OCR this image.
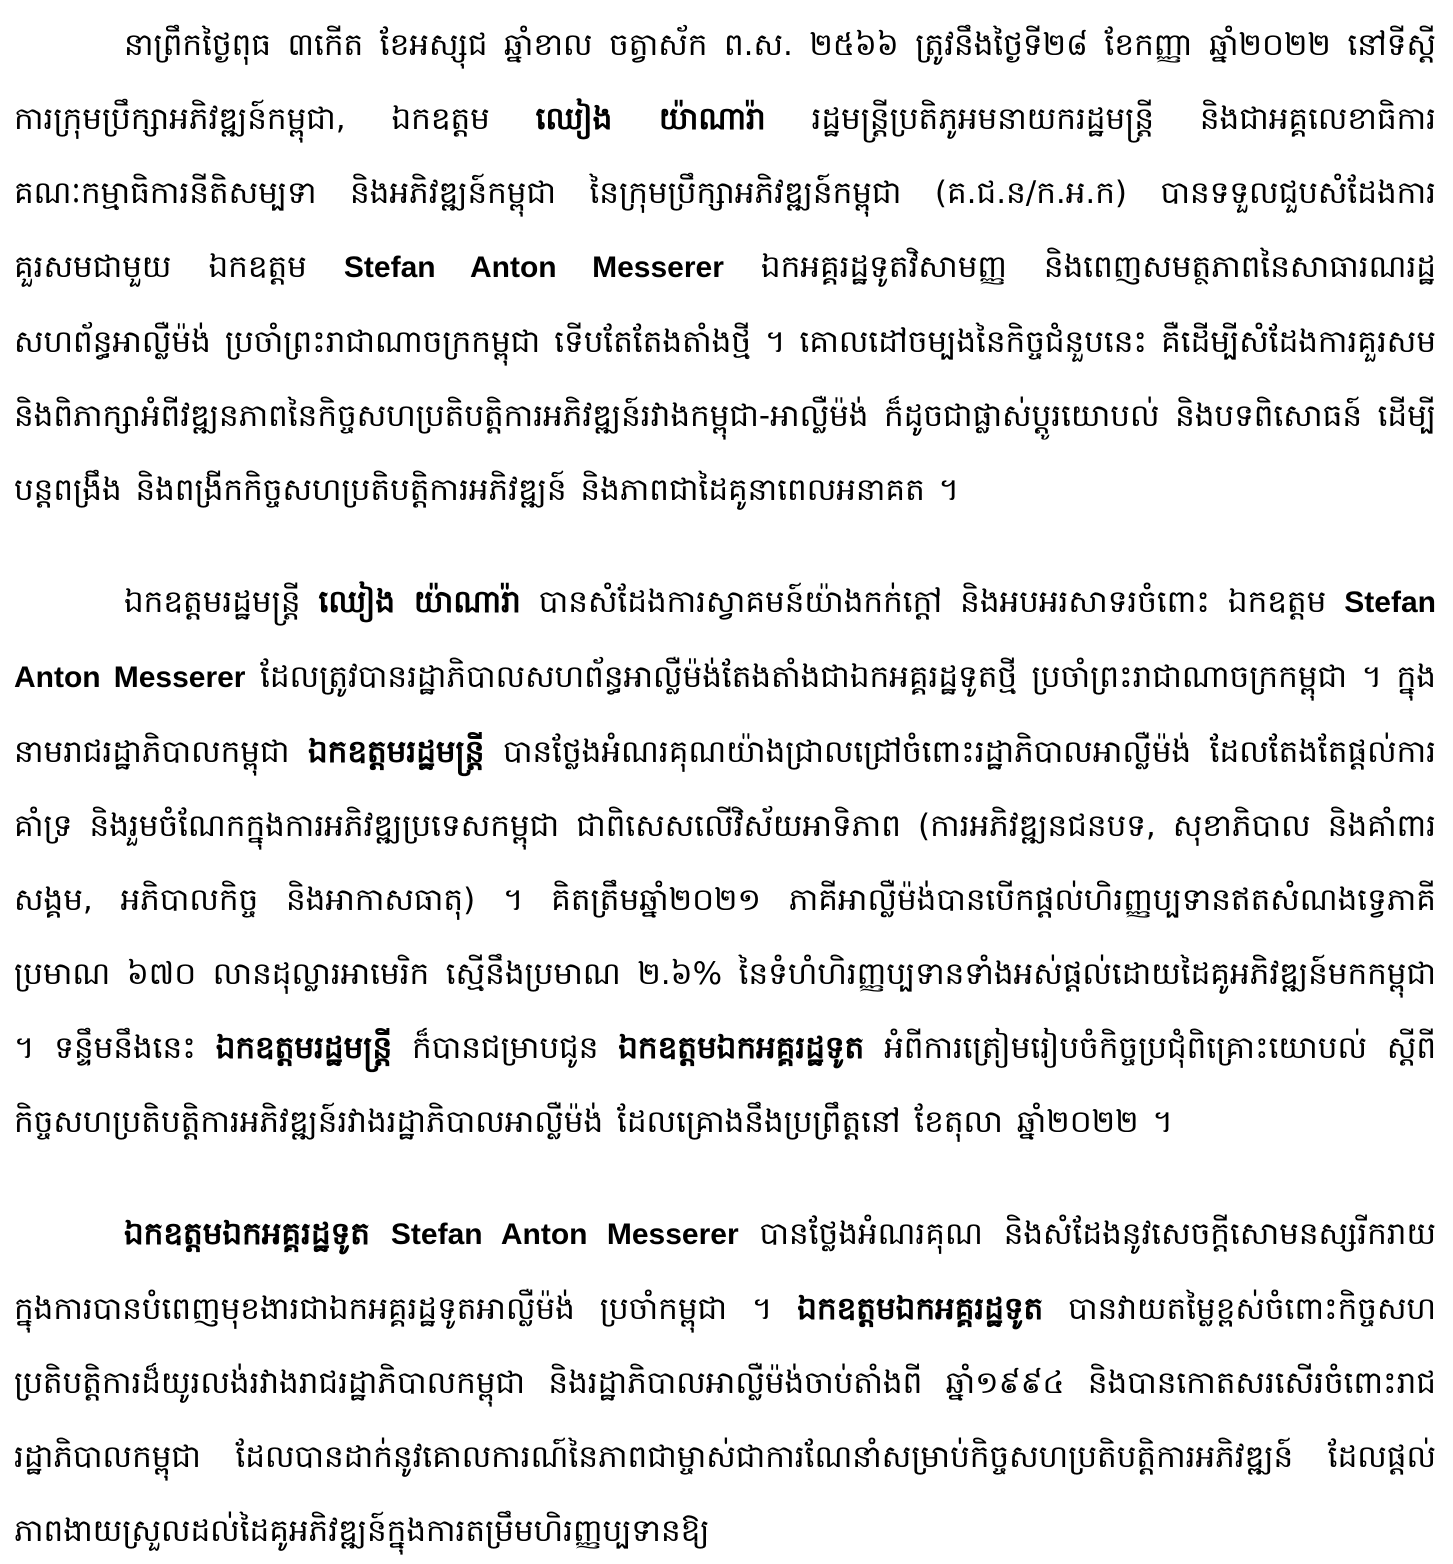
នាព្រឹកថ្ងៃពុធ ៣កើត ខែអស្សុជ ឆ្នាំខាល ចត្វាស័ក ព.ស. ២៥៦៦ ត្រូវនឹងថ្ងៃទី២៨ ខែកញ្ញា ឆ្នាំ២០២២ នៅទីស្តីការក្រុមប្រឹក្សាអភិវឌ្ឍន៍កម្ពុជា, ឯកឧត្តម ឈៀង យ៉ាណារ៉ា រដ្ឋមន្ត្រីប្រតិភូអមនាយករដ្ឋមន្ត្រី និងជាអគ្គលេខាធិការគណៈកម្មាធិការនីតិសម្បទា និងអភិវឌ្ឍន៍កម្ពុជា នៃក្រុមប្រឹក្សាអភិវឌ្ឍន៍កម្ពុជា (គ.ជ.ន/ក.អ.ក) បានទទួលជួបសំដែងការគួរសមជាមួយ ឯកឧត្តម Stefan Anton Messerer ឯកអគ្គរដ្ឋទូតវិសាមញ្ញ និងពេញសមត្ថភាពនៃសាធារណរដ្ឋសហព័ន្ធអាល្លឺម៉ង់ ប្រចាំព្រះរាជាណាចក្រកម្ពុជា ទើបតែតែងតាំងថ្មី ។ គោលដៅចម្បងនៃកិច្ចជំនួបនេះ គឺដើម្បីសំដែងការគួរសម និងពិភាក្សាអំពីវឌ្ឍនភាពនៃកិច្ចសហប្រតិបត្តិការអភិវឌ្ឍន៍រវាងកម្ពុជា-អាល្លឺម៉ង់ ក៏ដូចជាផ្លាស់ប្តូរយោបល់ និងបទពិសោធន៍ ដើម្បីបន្តពង្រឹង និងពង្រីកកិច្ចសហប្រតិបត្តិការអភិវឌ្ឍន៍ និងភាពជាដៃគូនាពេលអនាគត ។

ឯកឧត្តមរដ្ឋមន្ត្រី ឈៀង យ៉ាណារ៉ា បានសំដែងការស្វាគមន៍យ៉ាងកក់ក្តៅ និងអបអរសាទរចំពោះ ឯកឧត្តម Stefan Anton Messerer ដែលត្រូវបានរដ្ឋាភិបាលសហព័ន្ធអាល្លឺម៉ង់តែងតាំងជាឯកអគ្គរដ្ឋទូតថ្មី ប្រចាំព្រះរាជាណាចក្រកម្ពុជា ។ ក្នុងនាមរាជរដ្ឋាភិបាលកម្ពុជា ឯកឧត្តមរដ្ឋមន្ត្រី បានថ្លែងអំណរគុណយ៉ាងជ្រាលជ្រៅចំពោះរដ្ឋាភិបាលអាល្លឺម៉ង់ ដែលតែងតែផ្តល់ការគាំទ្រ និងរួមចំណែកក្នុងការអភិវឌ្ឍប្រទេសកម្ពុជា ជាពិសេសលើវិស័យអាទិភាព (ការអភិវឌ្ឍនជនបទ, សុខាភិបាល និងគាំពារសង្គម, អភិបាលកិច្ច និងអាកាសធាតុ) ។ គិតត្រឹមឆ្នាំ២០២១ ភាគីអាល្លឺម៉ង់បានបើកផ្តល់ហិរញ្ញប្បទានឥតសំណងទ្វេភាគី ប្រមាណ ៦៧០ លានដុល្លារអាមេរិក ស្មើនឹងប្រមាណ ២.៦% នៃទំហំហិរញ្ញប្បទានទាំងអស់ផ្តល់ដោយដៃគូអភិវឌ្ឍន៍មកកម្ពុជា ។ ទន្ទឹមនឹងនេះ ឯកឧត្តមរដ្ឋមន្ត្រី ក៏បានជម្រាបជូន ឯកឧត្តមឯកអគ្គរដ្ឋទូត អំពីការត្រៀមរៀបចំកិច្ចប្រជុំពិគ្រោះយោបល់ ស្តីពីកិច្ចសហប្រតិបត្តិការអភិវឌ្ឍន៍រវាងរដ្ឋាភិបាលអាល្លឺម៉ង់ ដែលគ្រោងនឹងប្រព្រឹត្តនៅ ខែតុលា ឆ្នាំ២០២២ ។

ឯកឧត្តមឯកអគ្គរដ្ឋទូត Stefan Anton Messerer បានថ្លែងអំណរគុណ និងសំដែងនូវសេចក្តីសោមនស្សរីករាយក្នុងការបានបំពេញមុខងារជាឯកអគ្គរដ្ឋទូតអាល្លឺម៉ង់ ប្រចាំកម្ពុជា ។ ឯកឧត្តមឯកអគ្គរដ្ឋទូត បានវាយតម្លៃខ្ពស់ចំពោះកិច្ចសហប្រតិបត្តិការដ៏យូរលង់រវាងរាជរដ្ឋាភិបាលកម្ពុជា និងរដ្ឋាភិបាលអាល្លឺម៉ង់ចាប់តាំងពី ឆ្នាំ១៩៩៤ និងបានកោតសរសើរចំពោះរាជរដ្ឋាភិបាលកម្ពុជា ដែលបានដាក់នូវគោលការណ៍នៃភាពជាម្ចាស់ជាការណែនាំសម្រាប់កិច្ចសហប្រតិបត្តិការអភិវឌ្ឍន៍ ដែលផ្តល់ភាពងាយស្រួលដល់ដៃគូអភិវឌ្ឍន៍ក្នុងការតម្រឹមហិរញ្ញប្បទានឱ្យ
